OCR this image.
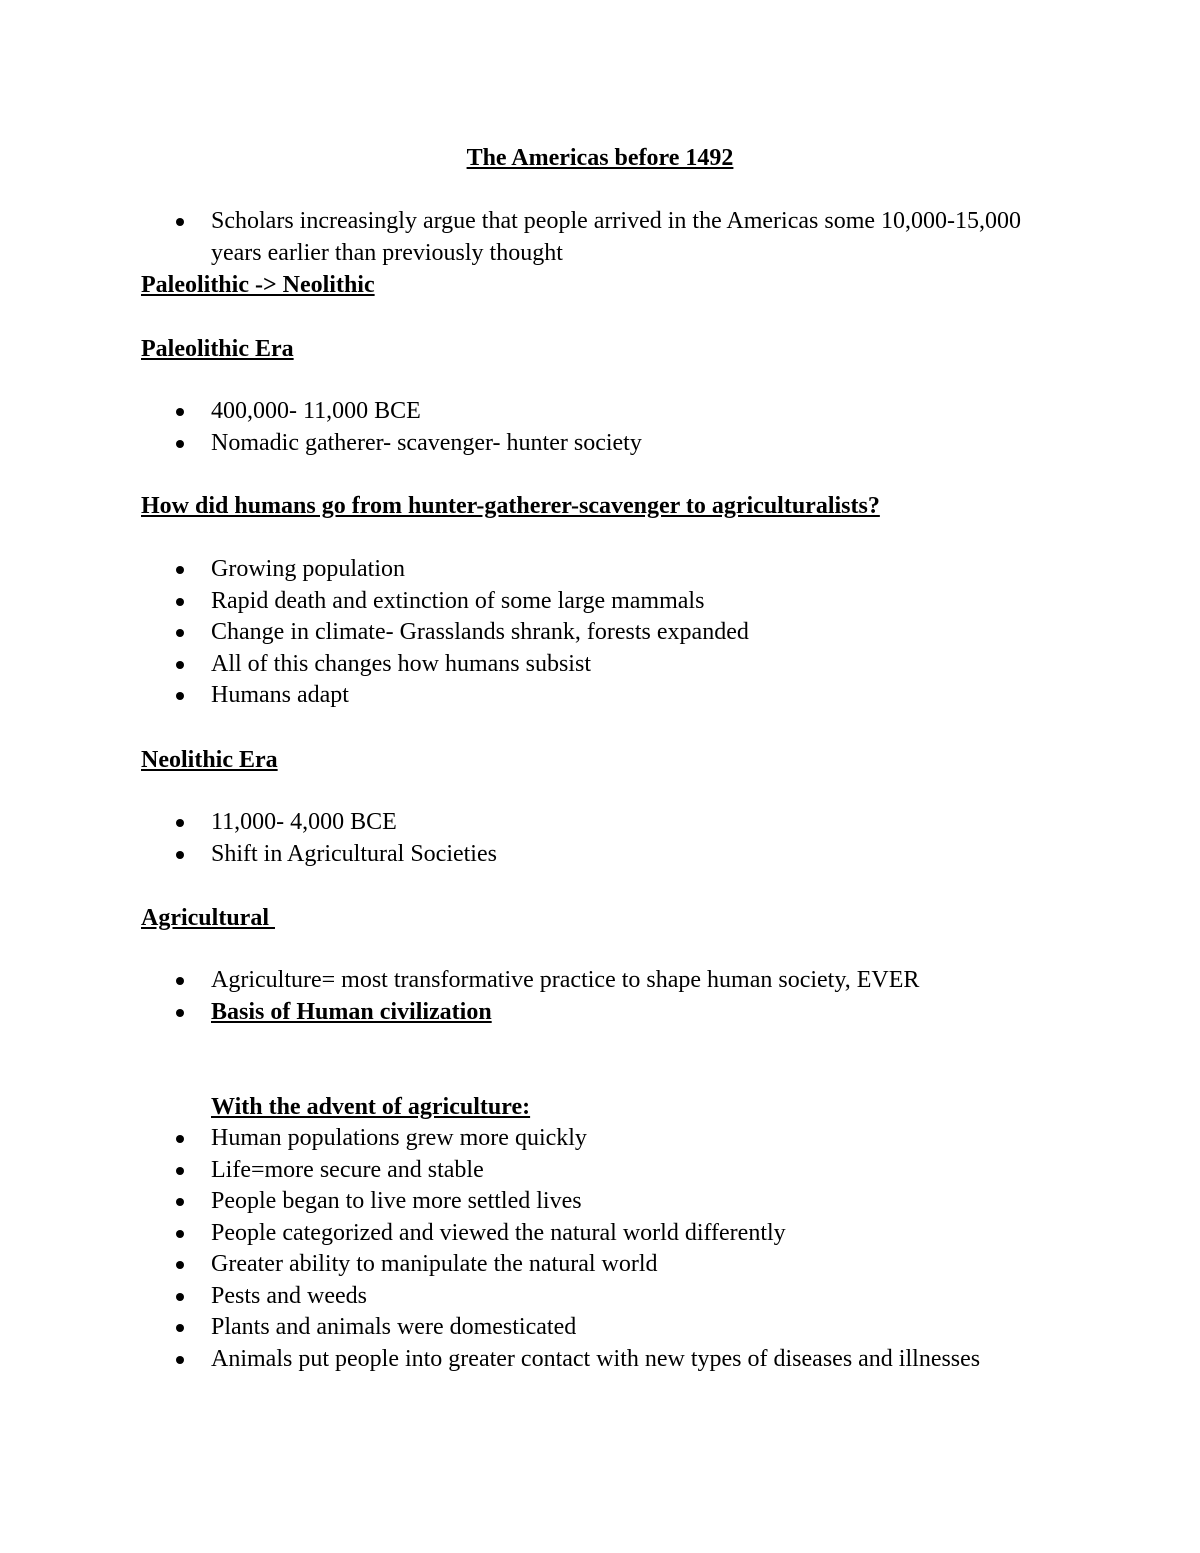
The Americas before 1492
Scholars increasingly argue that people arrived in the Americas some 10,000-15,000 years earlier than previously thought
Paleolithic -> Neolithic
Paleolithic Era
400,000- 11,000 BCE
Nomadic gatherer- scavenger- hunter society
How did humans go from hunter-gatherer-scavenger to agriculturalists?
Growing population
Rapid death and extinction of some large mammals
Change in climate- Grasslands shrank, forests expanded
All of this changes how humans subsist
Humans adapt
Neolithic Era
11,000- 4,000 BCE
Shift in Agricultural Societies
Agricultural
Agriculture= most transformative practice to shape human society, EVER
Basis of Human civilization
With the advent of agriculture:
Human populations grew more quickly
Life=more secure and stable
People began to live more settled lives
People categorized and viewed the natural world differently
Greater ability to manipulate the natural world
Pests and weeds
Plants and animals were domesticated
Animals put people into greater contact with new types of diseases and illnesses
